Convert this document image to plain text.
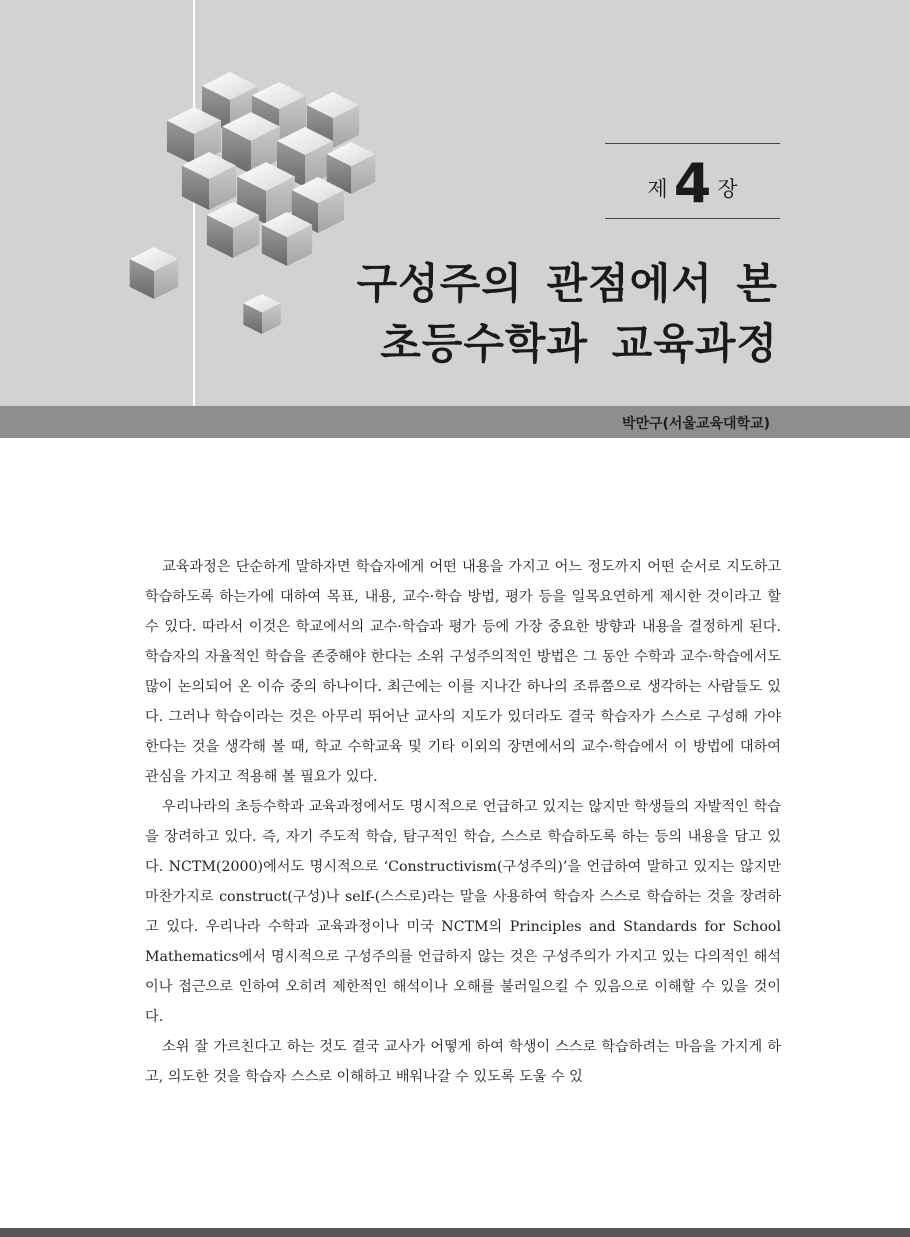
제 4 장
구성주의 관점에서 본
초등수학과 교육과정
박만구(서울교육대학교)

교육과정은 단순하게 말하자면 학습자에게 어떤 내용을 가지고 어느 정도까지 어떤 순서로 지도하고 학습하도록 하는가에 대하여 목표, 내용, 교수·학습 방법, 평가 등을 일목요연하게 제시한 것이라고 할 수 있다. 따라서 이것은 학교에서의 교수·학습과 평가 등에 가장 중요한 방향과 내용을 결정하게 된다. 학습자의 자율적인 학습을 존중해야 한다는 소위 구성주의적인 방법은 그 동안 수학과 교수·학습에서도 많이 논의되어 온 이슈 중의 하나이다. 최근에는 이를 지나간 하나의 조류쯤으로 생각하는 사람들도 있다. 그러나 학습이라는 것은 아무리 뛰어난 교사의 지도가 있더라도 결국 학습자가 스스로 구성해 가야 한다는 것을 생각해 볼 때, 학교 수학교육 및 기타 이외의 장면에서의 교수·학습에서 이 방법에 대하여 관심을 가지고 적용해 볼 필요가 있다.

우리나라의 초등수학과 교육과정에서도 명시적으로 언급하고 있지는 않지만 학생들의 자발적인 학습을 장려하고 있다. 즉, 자기 주도적 학습, 탐구적인 학습, 스스로 학습하도록 하는 등의 내용을 담고 있다. NCTM(2000)에서도 명시적으로 ‘Constructivism(구성주의)’을 언급하여 말하고 있지는 않지만 마찬가지로 construct(구성)나 self-(스스로)라는 말을 사용하여 학습자 스스로 학습하는 것을 장려하고 있다. 우리나라 수학과 교육과정이나 미국 NCTM의 Principles and Standards for School Mathematics에서 명시적으로 구성주의를 언급하지 않는 것은 구성주의가 가지고 있는 다의적인 해석이나 접근으로 인하여 오히려 제한적인 해석이나 오해를 불러일으킬 수 있음으로 이해할 수 있을 것이다.

소위 잘 가르친다고 하는 것도 결국 교사가 어떻게 하여 학생이 스스로 학습하려는 마음을 가지게 하고, 의도한 것을 학습자 스스로 이해하고 배워나갈 수 있도록 도울 수 있
